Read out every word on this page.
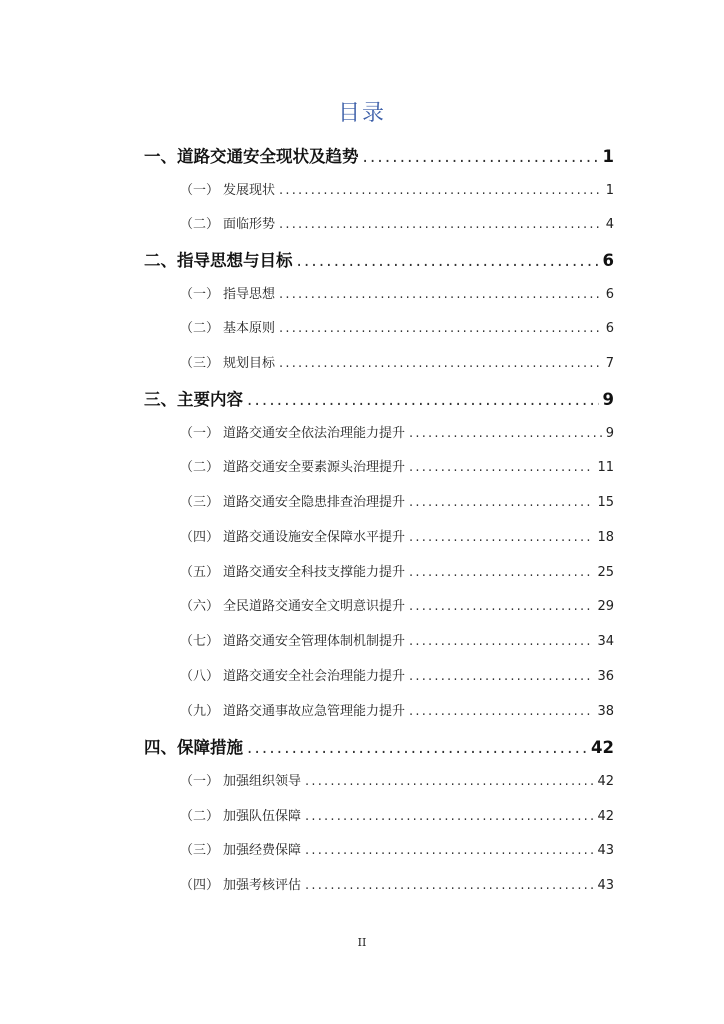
目录
一、 道路交通安全现状及趋势 .....	1
（一） 发展现状 .....	1
（二） 面临形势 .....	4
二、 指导思想与目标 .....	6
（一） 指导思想 .....	6
（二） 基本原则 .....	6
（三） 规划目标 .....	7
三、 主要内容 .....	9
（一） 道路交通安全依法治理能力提升 .....	9
（二） 道路交通安全要素源头治理提升 .....	11
（三） 道路交通安全隐患排查治理提升 .....	15
（四） 道路交通设施安全保障水平提升 .....	18
（五） 道路交通安全科技支撑能力提升 .....	25
（六） 全民道路交通安全文明意识提升 .....	29
（七） 道路交通安全管理体制机制提升 .....	34
（八） 道路交通安全社会治理能力提升 .....	36
（九） 道路交通事故应急管理能力提升 .....	38
四、 保障措施 .....	42
（一） 加强组织领导 .....	42
（二） 加强队伍保障 .....	42
（三） 加强经费保障 .....	43
（四） 加强考核评估 .....	43
II
